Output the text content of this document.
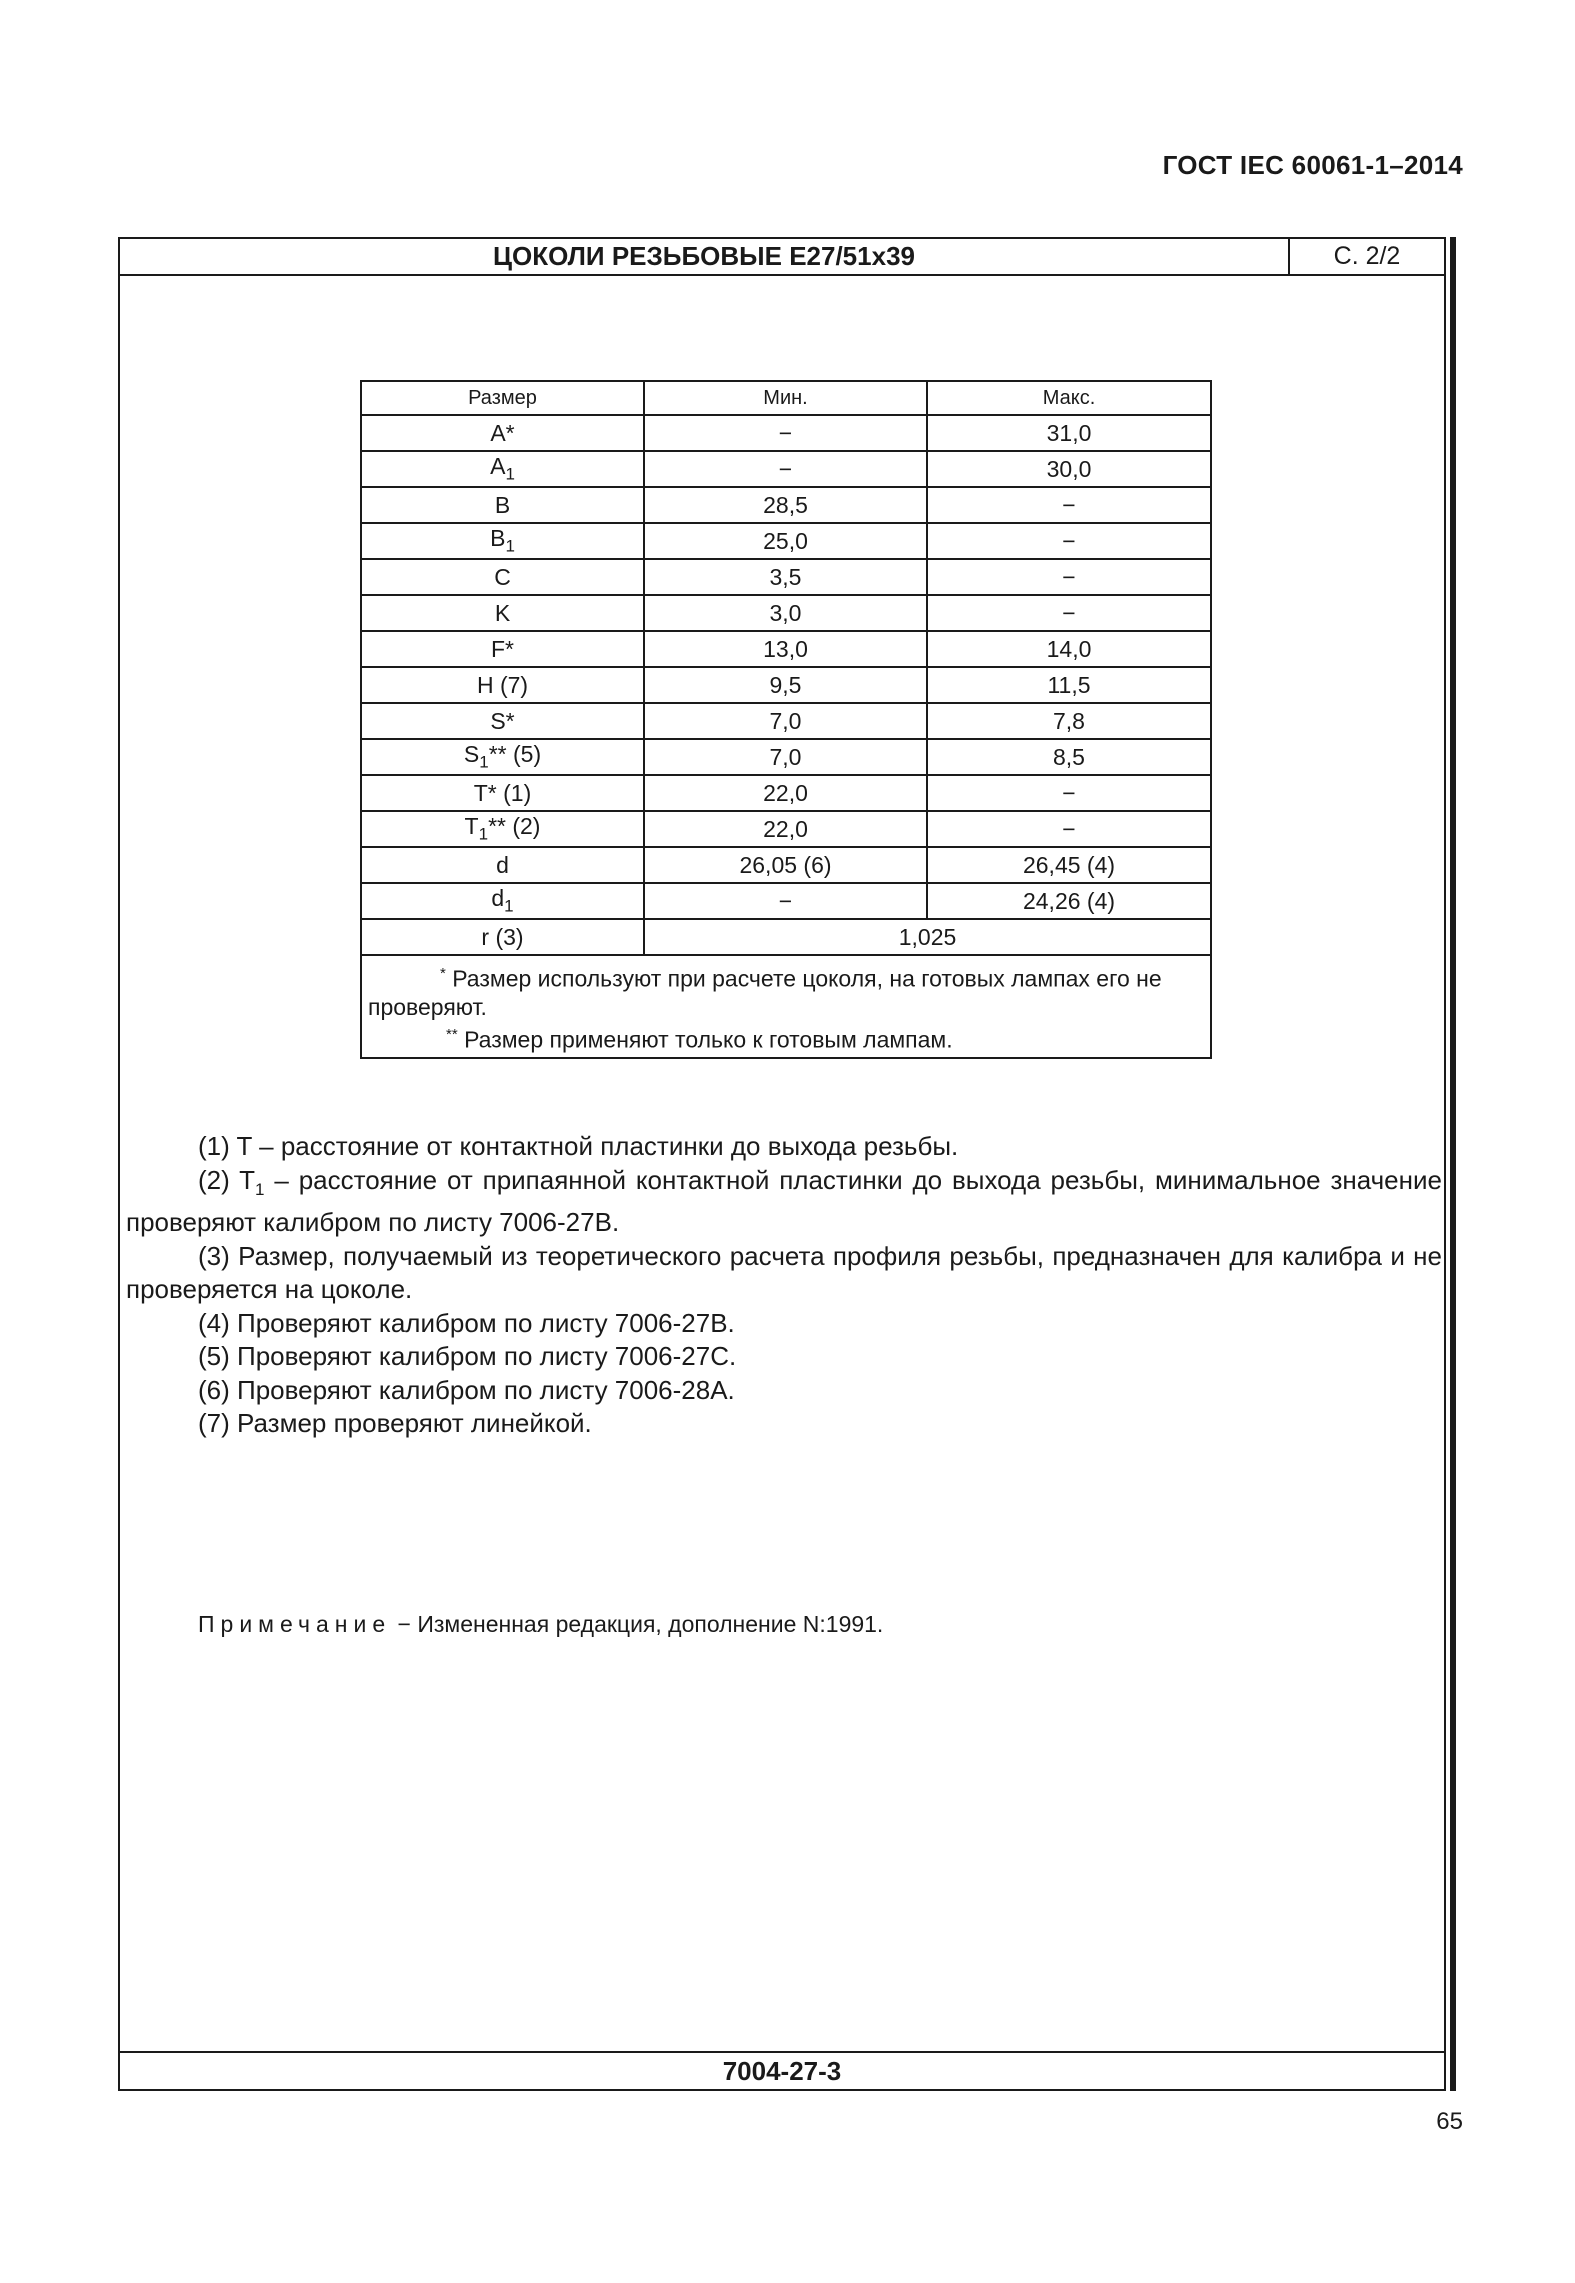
ГОСТ IEC 60061-1–2014
ЦОКОЛИ РЕЗЬБОВЫЕ Е27/51х39	С. 2/2
Размер	Мин.	Макс.
A*	−	31,0
$A_1$	−	30,0
B	28,5	−
$B_1$	25,0	−
C	3,5	−
K	3,0	−
F*	13,0	14,0
H (7)	9,5	11,5
S*	7,0	7,8
$S_1**$ (5)	7,0	8,5
T* (1)	22,0	−
$T_1**$ (2)	22,0	−
d	26,05 (6)	26,45 (4)
$d_1$	−	24,26 (4)
r (3)	1,025	

* Размер используют при расчете цоколя, на готовых лампах его не проверяют.

** Размер применяют только к готовым лампам.		

(1) T – расстояние от контактной пластинки до выхода резьбы.

(2) $T_1$ – расстояние от припаянной контактной пластинки до выхода резьбы, минимальное значение проверяют калибром по листу 7006-27В.

(3) Размер, получаемый из теоретического расчета профиля резьбы, предназначен для калибра и не проверяется на цоколе.

(4) Проверяют калибром по листу 7006-27В.

(5) Проверяют калибром по листу 7006-27С.

(6) Проверяют калибром по листу 7006-28А.

(7) Размер проверяют линейкой.

Примечание − Измененная редакция, дополнение N:1991.
7004-27-3
65
